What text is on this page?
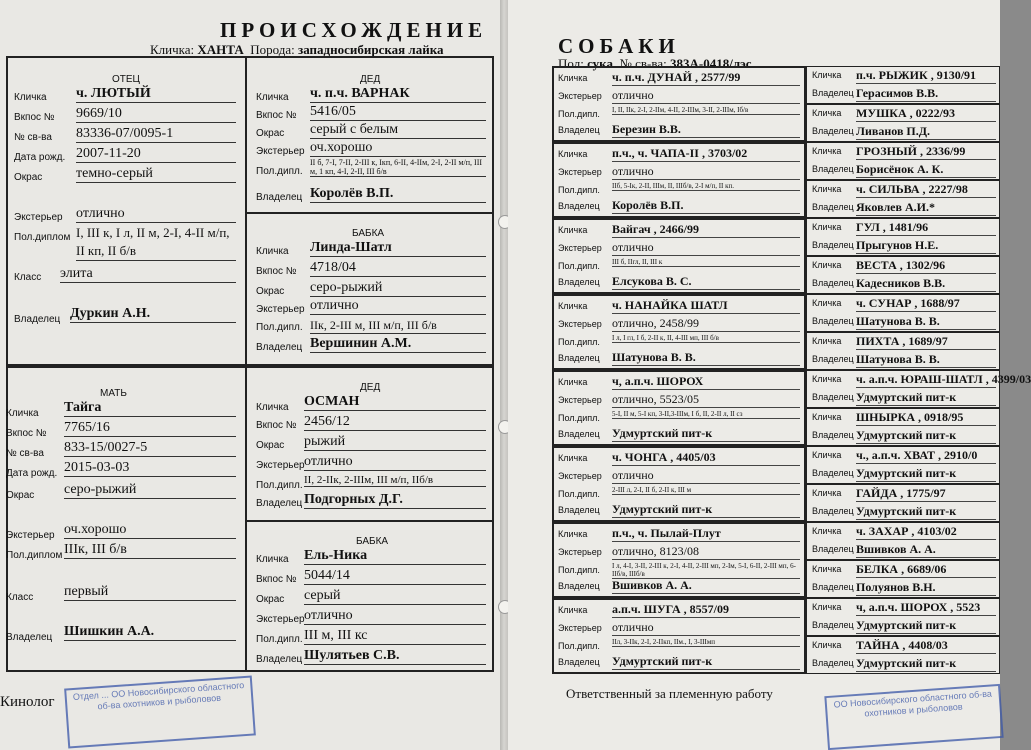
ПРОИСХОЖДЕНИЕ
Кличка: ХАНТА Порода: западносибирская лайка
ОТЕЦ
Кличка ч. ЛЮТЫЙ
Вкпос № 9669/10
№ св-ва 83336-07/0095-1
Дата рожд. 2007-11-20
Окрас темно-серый
Экстерьер отлично
Пол.диплом I, III к, I л, II м, 2-I, 4-II м/п, II кп, II б/в
Класс элита
Владелец Дуркин А.Н.
ДЕД
Кличка ч. п.ч. ВАРНАК
Вкпос № 5416/05
Окрас серый с белым
Экстерьер оч.хорошо
Пол.дипл.
II б, 7-I, 7-II, 2-III к, Iкп, 6-II, 4-IIм, 2-I, 2-II м/п, III м, 1 кп, 4-I, 2-II, III б/в
Владелец Королёв В.П.
БАБКА
Кличка Линда-Шатл
Вкпос № 4718/04
Окрас серо-рыжий
Экстерьер отлично
Пол.дипл. IIк, 2-III м, III м/п, III б/в
Владелец Вершинин А.М.
МАТЬ
Кличка Тайга
Вкпос № 7765/16
№ св-ва 833-15/0027-5
Дата рожд. 2015-03-03
Окрас серо-рыжий
Экстерьер оч.хорошо
Пол.диплом IIIк, III б/в
Класс первый
Владелец Шишкин А.А.
ДЕД
Кличка ОСМАН
Вкпос № 2456/12
Окрас рыжий
Экстерьер отлично
Пол.дипл. II, 2-IIк, 2-IIIм, III м/п, IIб/в
Владелец Подгорных Д.Г.
БАБКА
Кличка Ель-Ника
Вкпос № 5044/14
Окрас серый
Экстерьер отлично
Пол.дипл. III м, III кс
Владелец Шулятьев С.В.
Кинолог	Отдел ... ОО Новосибирского областного об-ва охотников и рыболовов
СОБАКИ
Пол: сука № св-ва: 383А-0418/лэс
Кличка ч. п.ч. ДУНАЙ , 2577/99
Экстерьер отлично
Пол.дипл. I, II, IIк, 2-I, 2-IIм, 4-II, 2-IIIм, 3-II, 2-IIIм, Iб/в
Владелец Березин В.В.
Кличка п.ч., ч. ЧАПА-II , 3703/02
Экстерьер отлично
Пол.дипл. IIб, 5-Iк, 2-II, IIIм, II, IIIб/в, 2-I м/п, II кп.
Владелец Королёв В.П.
Кличка Вайгач , 2466/99
Экстерьер отлично
Пол.дипл. III б, IIгл, II, III к
Владелец Елсукова В. С.
Кличка ч. НАНАЙКА ШАТЛ
Экстерьер отлично, 2458/99
Пол.дипл. I л, I гл, I б, 2-II к, II, 4-III мп, III б/в
Владелец Шатунова В. В.
Кличка ч, а.п.ч. ШОРОХ
Экстерьер отлично, 5523/05
Пол.дипл. 5-I, II м, 5-I кп, 3-II,3-IIIм, I б, II, 2-II л, II сз
Владелец Удмуртский пит-к
Кличка ч. ЧОНГА , 4405/03
Экстерьер отлично
Пол.дипл. 2-III л, 2-I, II б, 2-II к, III м
Владелец Удмуртский пит-к
Кличка п.ч., ч. Пылай-Плут
Экстерьер отлично, 8123/08
Пол.дипл. I л, 4-I, 3-II, 2-III к, 2-I, 4-II, 2-III мп, 2-Iм, 5-I, 6-II, 2-III мп, 6-IIб/в, IIIб/в
Владелец Вшивков А. А.
Кличка а.п.ч. ШУГА , 8557/09
Экстерьер отлично
Пол.дипл. IIл, 3-IIк, 2-I, 2-IIкп, IIм., I, 3-IIIмп
Владелец Удмуртский пит-к
Кличка п.ч. РЫЖИК , 9130/91
Владелец Герасимов В.В.
Кличка МУШКА , 0222/93
Владелец Ливанов П.Д.
Кличка ГРОЗНЫЙ , 2336/99
Владелец Борисёнок А. К.
Кличка ч. СИЛЬВА , 2227/98
Владелец Яковлев А.И.*
Кличка ГУЛ , 1481/96
Владелец Прыгунов Н.Е.
Кличка ВЕСТА , 1302/96
Владелец Кадесников В.В.
Кличка ч. СУНАР , 1688/97
Владелец Шатунова В. В.
Кличка ПИХТА , 1689/97
Владелец Шатунова В. В.
Кличка ч. а.п.ч. ЮРАШ-ШАТЛ , 4399/03
Владелец Удмуртский пит-к
Кличка ШНЫРКА , 0918/95
Владелец Удмуртский пит-к
Кличка ч., а.п.ч. ХВАТ , 2910/0
Владелец Удмуртский пит-к
Кличка ГАЙДА , 1775/97
Владелец Удмуртский пит-к
Кличка ч. ЗАХАР , 4103/02
Владелец Вшивков А. А.
Кличка БЕЛКА , 6689/06
Владелец Полуянов В.Н.
Кличка ч, а.п.ч. ШОРОХ , 5523
Владелец Удмуртский пит-к
Кличка ТАЙНА , 4408/03
Владелец Удмуртский пит-к
Ответственный за племенную работу	ОО Новосибирского областного об-ва охотников и рыболовов
